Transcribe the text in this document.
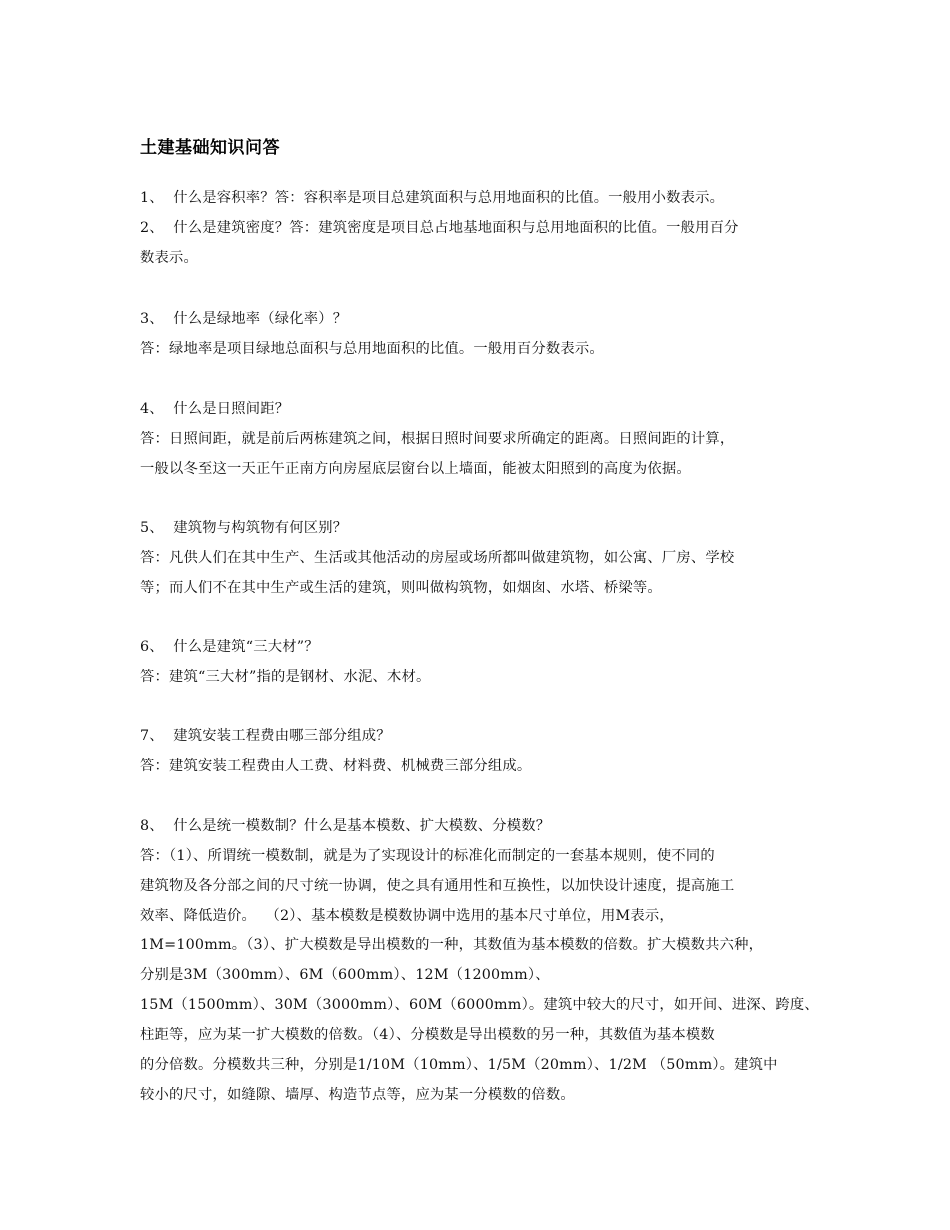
土建基础知识问答
1、  什么是容积率？答：容积率是项目总建筑面积与总用地面积的比值。一般用小数表示。
2、  什么是建筑密度？答：建筑密度是项目总占地基地面积与总用地面积的比值。一般用百分
数表示。
3、  什么是绿地率（绿化率）？
答：绿地率是项目绿地总面积与总用地面积的比值。一般用百分数表示。
4、  什么是日照间距？
答：日照间距，就是前后两栋建筑之间，根据日照时间要求所确定的距离。日照间距的计算，
一般以冬至这一天正午正南方向房屋底层窗台以上墙面，能被太阳照到的高度为依据。
5、  建筑物与构筑物有何区别？
答：凡供人们在其中生产、生活或其他活动的房屋或场所都叫做建筑物，如公寓、厂房、学校
等；而人们不在其中生产或生活的建筑，则叫做构筑物，如烟囱、水塔、桥梁等。
6、  什么是建筑“三大材”？
答：建筑“三大材”指的是钢材、水泥、木材。
7、  建筑安装工程费由哪三部分组成？
答：建筑安装工程费由人工费、材料费、机械费三部分组成。
8、  什么是统一模数制？什么是基本模数、扩大模数、分模数？
答：（1）、所谓统一模数制，就是为了实现设计的标准化而制定的一套基本规则，使不同的
建筑物及各分部之间的尺寸统一协调，使之具有通用性和互换性，以加快设计速度，提高施工
效率、降低造价。  （2）、基本模数是模数协调中选用的基本尺寸单位，用M表示，
1M=100mm。（3）、扩大模数是导出模数的一种，其数值为基本模数的倍数。扩大模数共六种，
分别是3M（300mm）、6M（600mm）、12M（1200mm）、
15M（1500mm）、30M（3000mm）、60M（6000mm）。建筑中较大的尺寸，如开间、进深、跨度、
柱距等，应为某一扩大模数的倍数。（4）、分模数是导出模数的另一种，其数值为基本模数
的分倍数。分模数共三种，分别是1/10M（10mm）、1/5M（20mm）、1/2M （50mm）。建筑中
较小的尺寸，如缝隙、墙厚、构造节点等，应为某一分模数的倍数。
